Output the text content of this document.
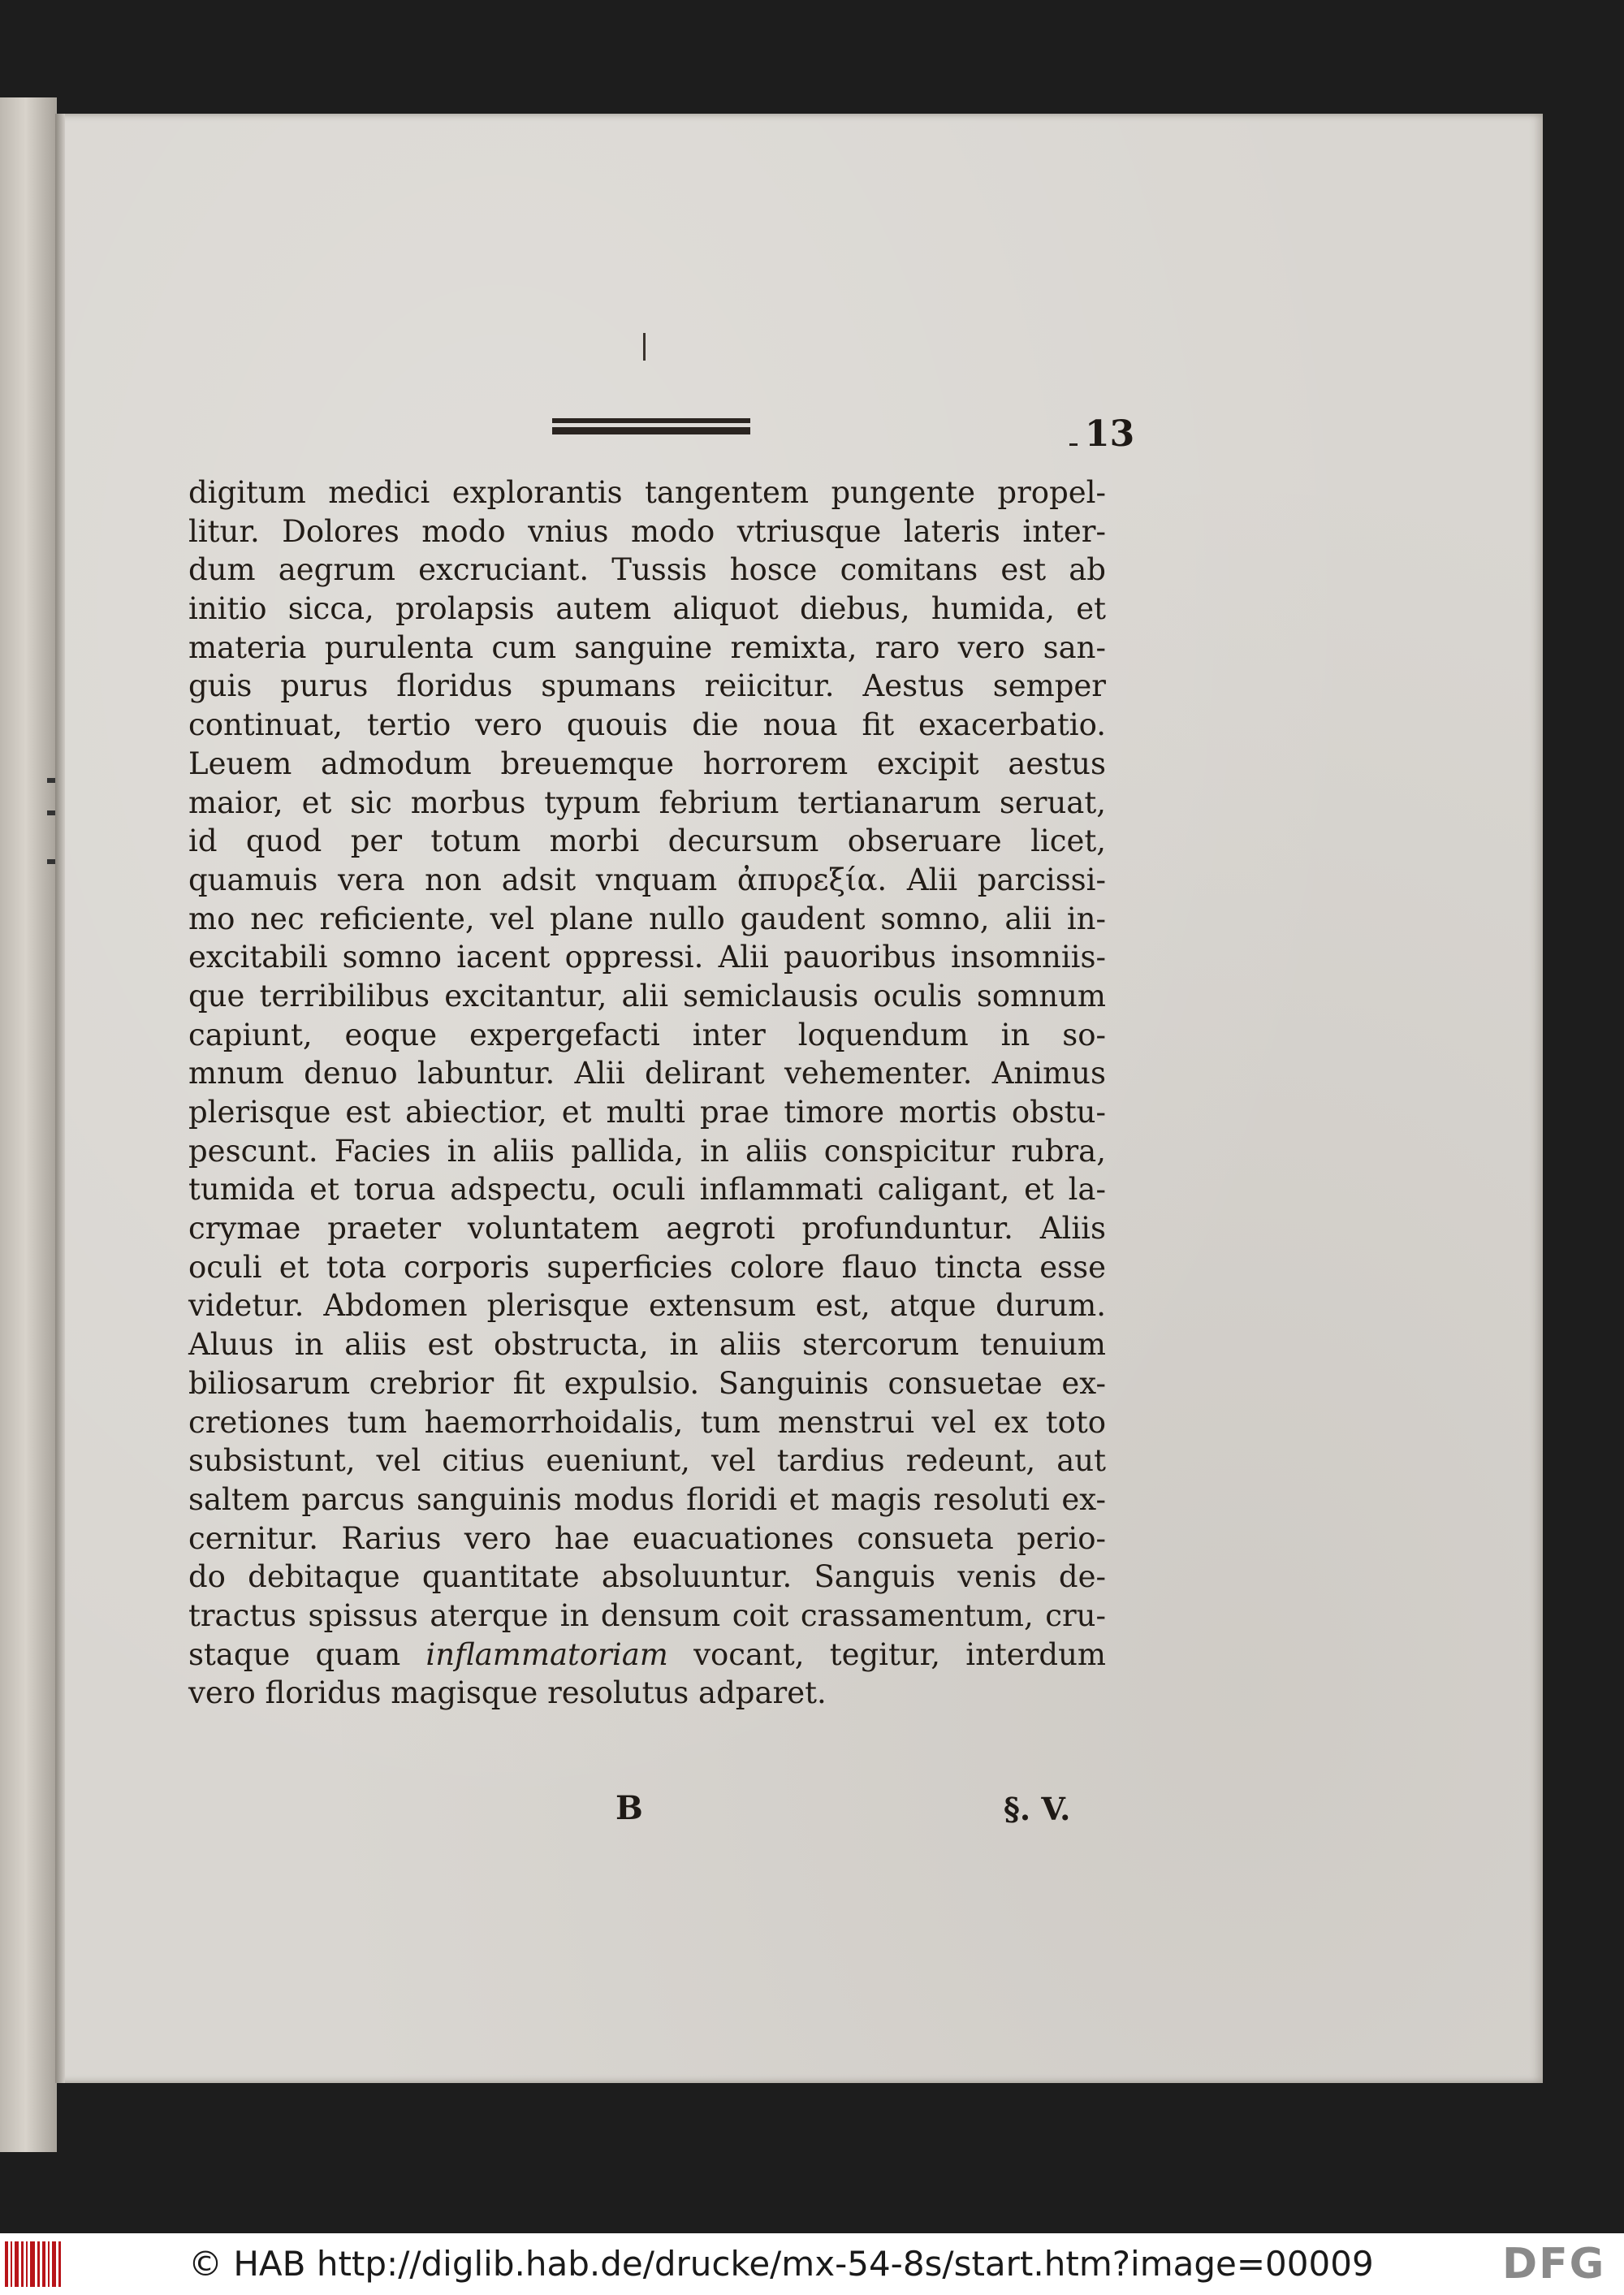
13
digitum medici explorantis tangentem pungente propel-
litur. Dolores modo vnius modo vtriusque lateris inter-
dum aegrum excruciant. Tussis hosce comitans est ab
initio sicca, prolapsis autem aliquot diebus, humida, et
materia purulenta cum sanguine remixta, raro vero san-
guis purus floridus spumans reiicitur. Aestus semper
continuat, tertio vero quouis die noua fit exacerbatio.
Leuem admodum breuemque horrorem excipit aestus
maior, et sic morbus typum febrium tertianarum seruat,
id quod per totum morbi decursum obseruare licet,
quamuis vera non adsit vnquam ἀπυρεξία. Alii parcissi-
mo nec reficiente, vel plane nullo gaudent somno, alii in-
excitabili somno iacent oppressi. Alii pauoribus insomniis-
que terribilibus excitantur, alii semiclausis oculis somnum
capiunt, eoque expergefacti inter loquendum in so-
mnum denuo labuntur. Alii delirant vehementer. Animus
plerisque est abiectior, et multi prae timore mortis obstu-
pescunt. Facies in aliis pallida, in aliis conspicitur rubra,
tumida et torua adspectu, oculi inflammati caligant, et la-
crymae praeter voluntatem aegroti profunduntur. Aliis
oculi et tota corporis superficies colore flauo tincta esse
videtur. Abdomen plerisque extensum est, atque durum.
Aluus in aliis est obstructa, in aliis stercorum tenuium
biliosarum crebrior fit expulsio. Sanguinis consuetae ex-
cretiones tum haemorrhoidalis, tum menstrui vel ex toto
subsistunt, vel citius eueniunt, vel tardius redeunt, aut
saltem parcus sanguinis modus floridi et magis resoluti ex-
cernitur. Rarius vero hae euacuationes consueta perio-
do debitaque quantitate absoluuntur. Sanguis venis de-
tractus spissus aterque in densum coit crassamentum, cru-
staque quam inflammatoriam vocant, tegitur, interdum
vero floridus magisque resolutus adparet.
B	§. V.
© HAB http://diglib.hab.de/drucke/mx-54-8s/start.htm?image=00009	DFG
